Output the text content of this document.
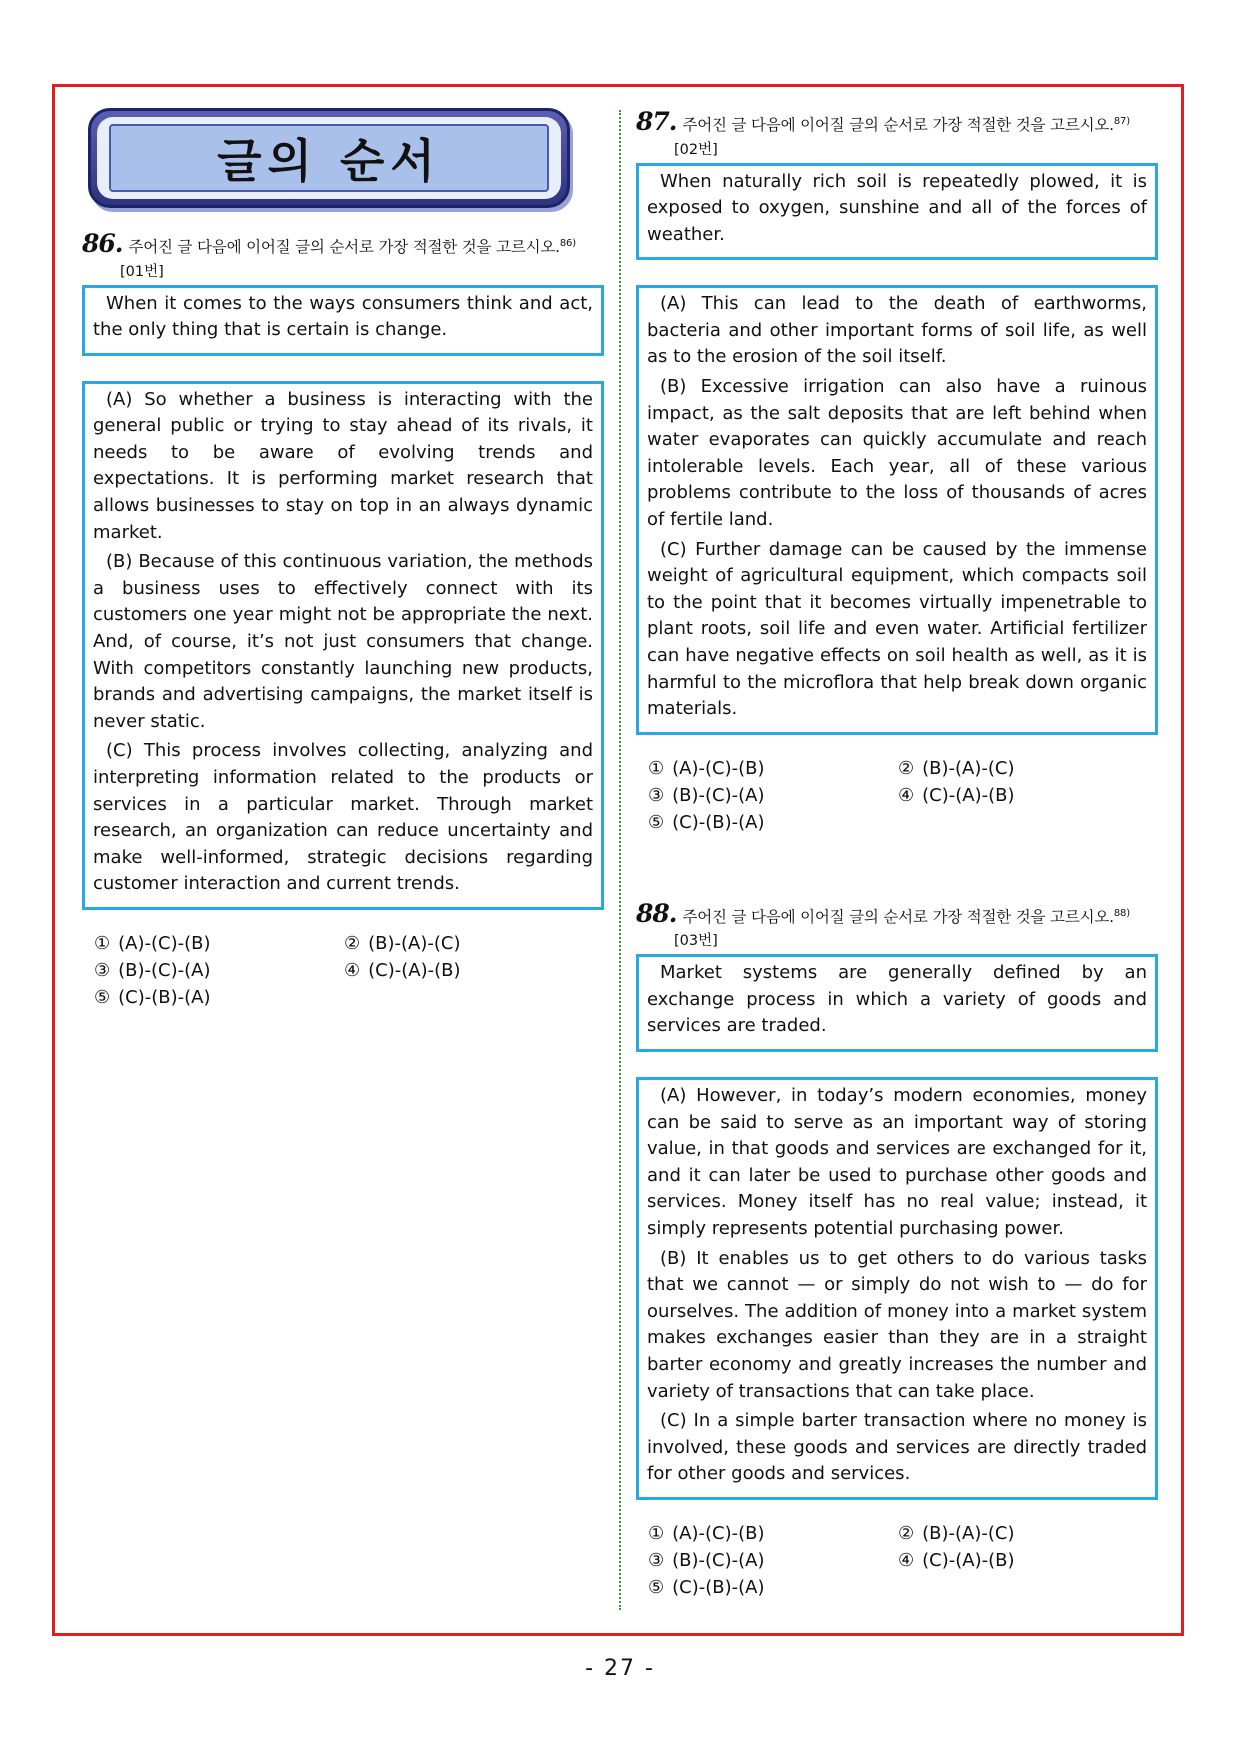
글의 순서
86. 주어진 글 다음에 이어질 글의 순서로 가장 적절한 것을 고르시오.$^{86)}$
[01번]

When it comes to the ways consumers think and act, the only thing that is certain is change.

(A) So whether a business is interacting with the general public or trying to stay ahead of its rivals, it needs to be aware of evolving trends and expectations. It is performing market research that allows businesses to stay on top in an always dynamic market.

(B) Because of this continuous variation, the methods a business uses to effectively connect with its customers one year might not be appropriate the next. And, of course, it’s not just consumers that change. With competitors constantly launching new products, brands and advertising campaigns, the market itself is never static.

(C) This process involves collecting, analyzing and interpreting information related to the products or services in a particular market. Through market research, an organization can reduce uncertainty and make well-informed, strategic decisions regarding customer interaction and current trends.

① (A)-(C)-(B)	② (B)-(A)-(C)
③ (B)-(C)-(A)	④ (C)-(A)-(B)
⑤ (C)-(B)-(A)
87. 주어진 글 다음에 이어질 글의 순서로 가장 적절한 것을 고르시오.$^{87)}$
[02번]

When naturally rich soil is repeatedly plowed, it is exposed to oxygen, sunshine and all of the forces of weather.

(A) This can lead to the death of earthworms, bacteria and other important forms of soil life, as well as to the erosion of the soil itself.

(B) Excessive irrigation can also have a ruinous impact, as the salt deposits that are left behind when water evaporates can quickly accumulate and reach intolerable levels. Each year, all of these various problems contribute to the loss of thousands of acres of fertile land.

(C) Further damage can be caused by the immense weight of agricultural equipment, which compacts soil to the point that it becomes virtually impenetrable to plant roots, soil life and even water. Artificial fertilizer can have negative effects on soil health as well, as it is harmful to the microflora that help break down organic materials.

① (A)-(C)-(B)	② (B)-(A)-(C)
③ (B)-(C)-(A)	④ (C)-(A)-(B)
⑤ (C)-(B)-(A)
88. 주어진 글 다음에 이어질 글의 순서로 가장 적절한 것을 고르시오.$^{88)}$
[03번]

Market systems are generally defined by an exchange process in which a variety of goods and services are traded.

(A) However, in today’s modern economies, money can be said to serve as an important way of storing value, in that goods and services are exchanged for it, and it can later be used to purchase other goods and services. Money itself has no real value; instead, it simply represents potential purchasing power.

(B) It enables us to get others to do various tasks that we cannot — or simply do not wish to — do for ourselves. The addition of money into a market system makes exchanges easier than they are in a straight barter economy and greatly increases the number and variety of transactions that can take place.

(C) In a simple barter transaction where no money is involved, these goods and services are directly traded for other goods and services.

① (A)-(C)-(B)	② (B)-(A)-(C)
③ (B)-(C)-(A)	④ (C)-(A)-(B)
⑤ (C)-(B)-(A)
- 27 -
